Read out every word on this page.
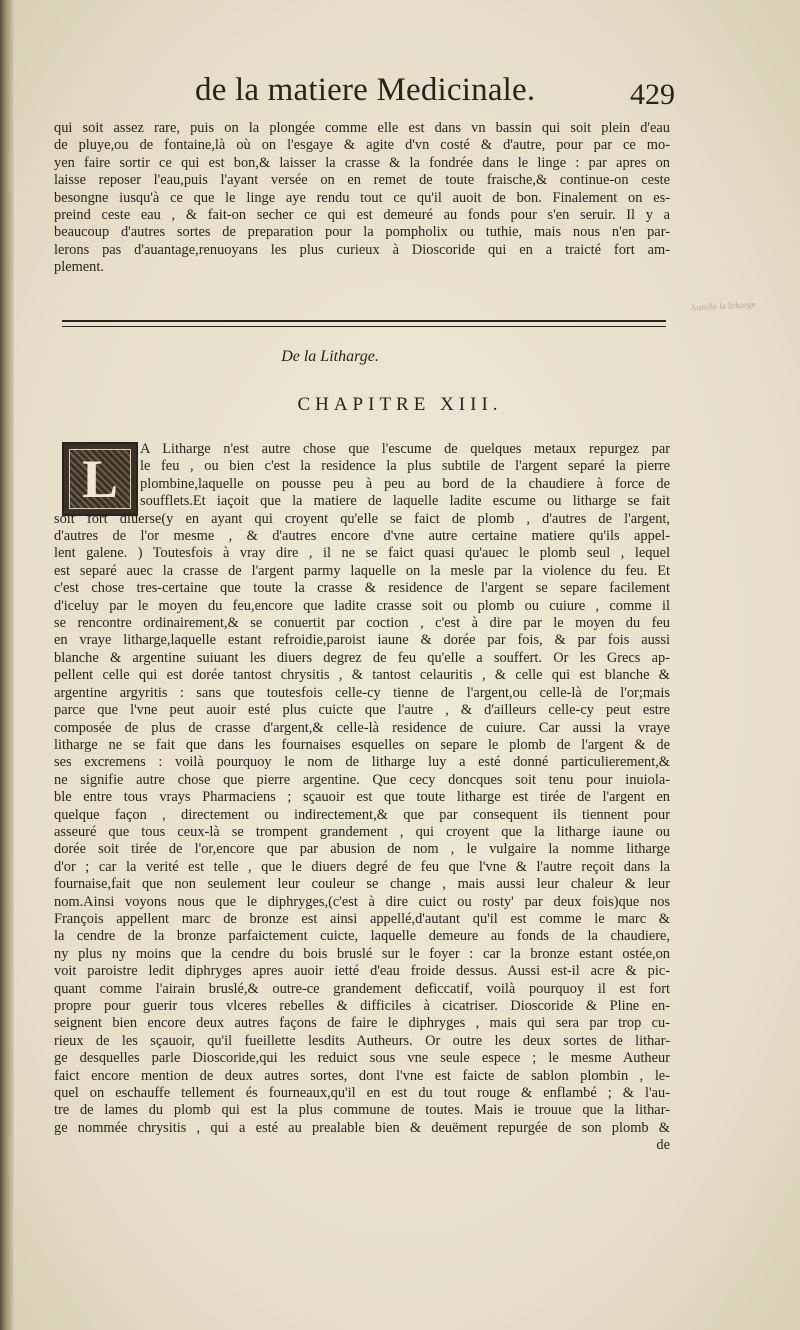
de la matiere Medicinale.	429
qui soit assez rare, puis on la plongée comme elle est dans vn bassin qui soit plein d'eau
de pluye,ou de fontaine,là où on l'esgaye & agite d'vn costé & d'autre, pour par ce mo-
yen faire sortir ce qui est bon,& laisser la crasse & la fondrée dans le linge : par apres on
laisse reposer l'eau,puis l'ayant versée on en remet de toute fraische,& continue-on ceste
besongne iusqu'à ce que le linge aye rendu tout ce qu'il auoit de bon. Finalement on es-
preind ceste eau , & fait-on secher ce qui est demeuré au fonds pour s'en seruir. Il y a
beaucoup d'autres sortes de preparation pour la pompholix ou tuthie, mais nous n'en par-
lerons pas d'auantage,renuoyans les plus curieux à Dioscoride qui en a traicté fort am-
plement.
Aureile la litharge
De la Litharge.
CHAPITRE XIII.
L A Litharge n'est autre chose que l'escume de quelques metaux repurgez par
le feu , ou bien c'est la residence la plus subtile de l'argent separé la pierre
plombine,laquelle on pousse peu à peu au bord de la chaudiere à force de
soufflets.Et iaçoit que la matiere de laquelle ladite escume ou litharge se fait
soit fort diuerse(y en ayant qui croyent qu'elle se faict de plomb , d'autres de l'argent,
d'autres de l'or mesme , & d'autres encore d'vne autre certaine matiere qu'ils appel-
lent galene. ) Toutesfois à vray dire , il ne se faict quasi qu'auec le plomb seul , lequel
est separé auec la crasse de l'argent parmy laquelle on la mesle par la violence du feu. Et
c'est chose tres-certaine que toute la crasse & residence de l'argent se separe facilement
d'iceluy par le moyen du feu,encore que ladite crasse soit ou plomb ou cuiure , comme il
se rencontre ordinairement,& se conuertit par coction , c'est à dire par le moyen du feu
en vraye litharge,laquelle estant refroidie,paroist iaune & dorée par fois, & par fois aussi
blanche & argentine suiuant les diuers degrez de feu qu'elle a souffert. Or les Grecs ap-
pellent celle qui est dorée tantost chrysitis , & tantost celauritis , & celle qui est blanche &
argentine argyritis : sans que toutesfois celle-cy tienne de l'argent,ou celle-là de l'or;mais
parce que l'vne peut auoir esté plus cuicte que l'autre , & d'ailleurs celle-cy peut estre
composée de plus de crasse d'argent,& celle-là residence de cuiure. Car aussi la vraye
litharge ne se fait que dans les fournaises esquelles on separe le plomb de l'argent & de
ses excremens : voilà pourquoy le nom de litharge luy a esté donné particulierement,&
ne signifie autre chose que pierre argentine. Que cecy doncques soit tenu pour inuiola-
ble entre tous vrays Pharmaciens ; sçauoir est que toute litharge est tirée de l'argent en
quelque façon , directement ou indirectement,& que par consequent ils tiennent pour
asseuré que tous ceux-là se trompent grandement , qui croyent que la litharge iaune ou
dorée soit tirée de l'or,encore que par abusion de nom , le vulgaire la nomme litharge
d'or ; car la verité est telle , que le diuers degré de feu que l'vne & l'autre reçoit dans la
fournaise,fait que non seulement leur couleur se change , mais aussi leur chaleur & leur
nom.Ainsi voyons nous que le diphryges,(c'est à dire cuict ou rosty' par deux fois)que nos
François appellent marc de bronze est ainsi appellé,d'autant qu'il est comme le marc &
la cendre de la bronze parfaictement cuicte, laquelle demeure au fonds de la chaudiere,
ny plus ny moins que la cendre du bois bruslé sur le foyer : car la bronze estant ostée,on
voit paroistre ledit diphryges apres auoir ietté d'eau froide dessus. Aussi est-il acre & pic-
quant comme l'airain bruslé,& outre-ce grandement deficcatif, voilà pourquoy il est fort
propre pour guerir tous vlceres rebelles & difficiles à cicatriser. Dioscoride & Pline en-
seignent bien encore deux autres façons de faire le diphryges , mais qui sera par trop cu-
rieux de les sçauoir, qu'il fueillette lesdits Autheurs. Or outre les deux sortes de lithar-
ge desquelles parle Dioscoride,qui les reduict sous vne seule espece ; le mesme Autheur
faict encore mention de deux autres sortes, dont l'vne est faicte de sablon plombin , le-
quel on eschauffe tellement és fourneaux,qu'il en est du tout rouge & enflambé ; & l'au-
tre de lames du plomb qui est la plus commune de toutes. Mais ie trouue que la lithar-
ge nommée chrysitis , qui a esté au prealable bien & deuëment repurgée de son plomb &
de
